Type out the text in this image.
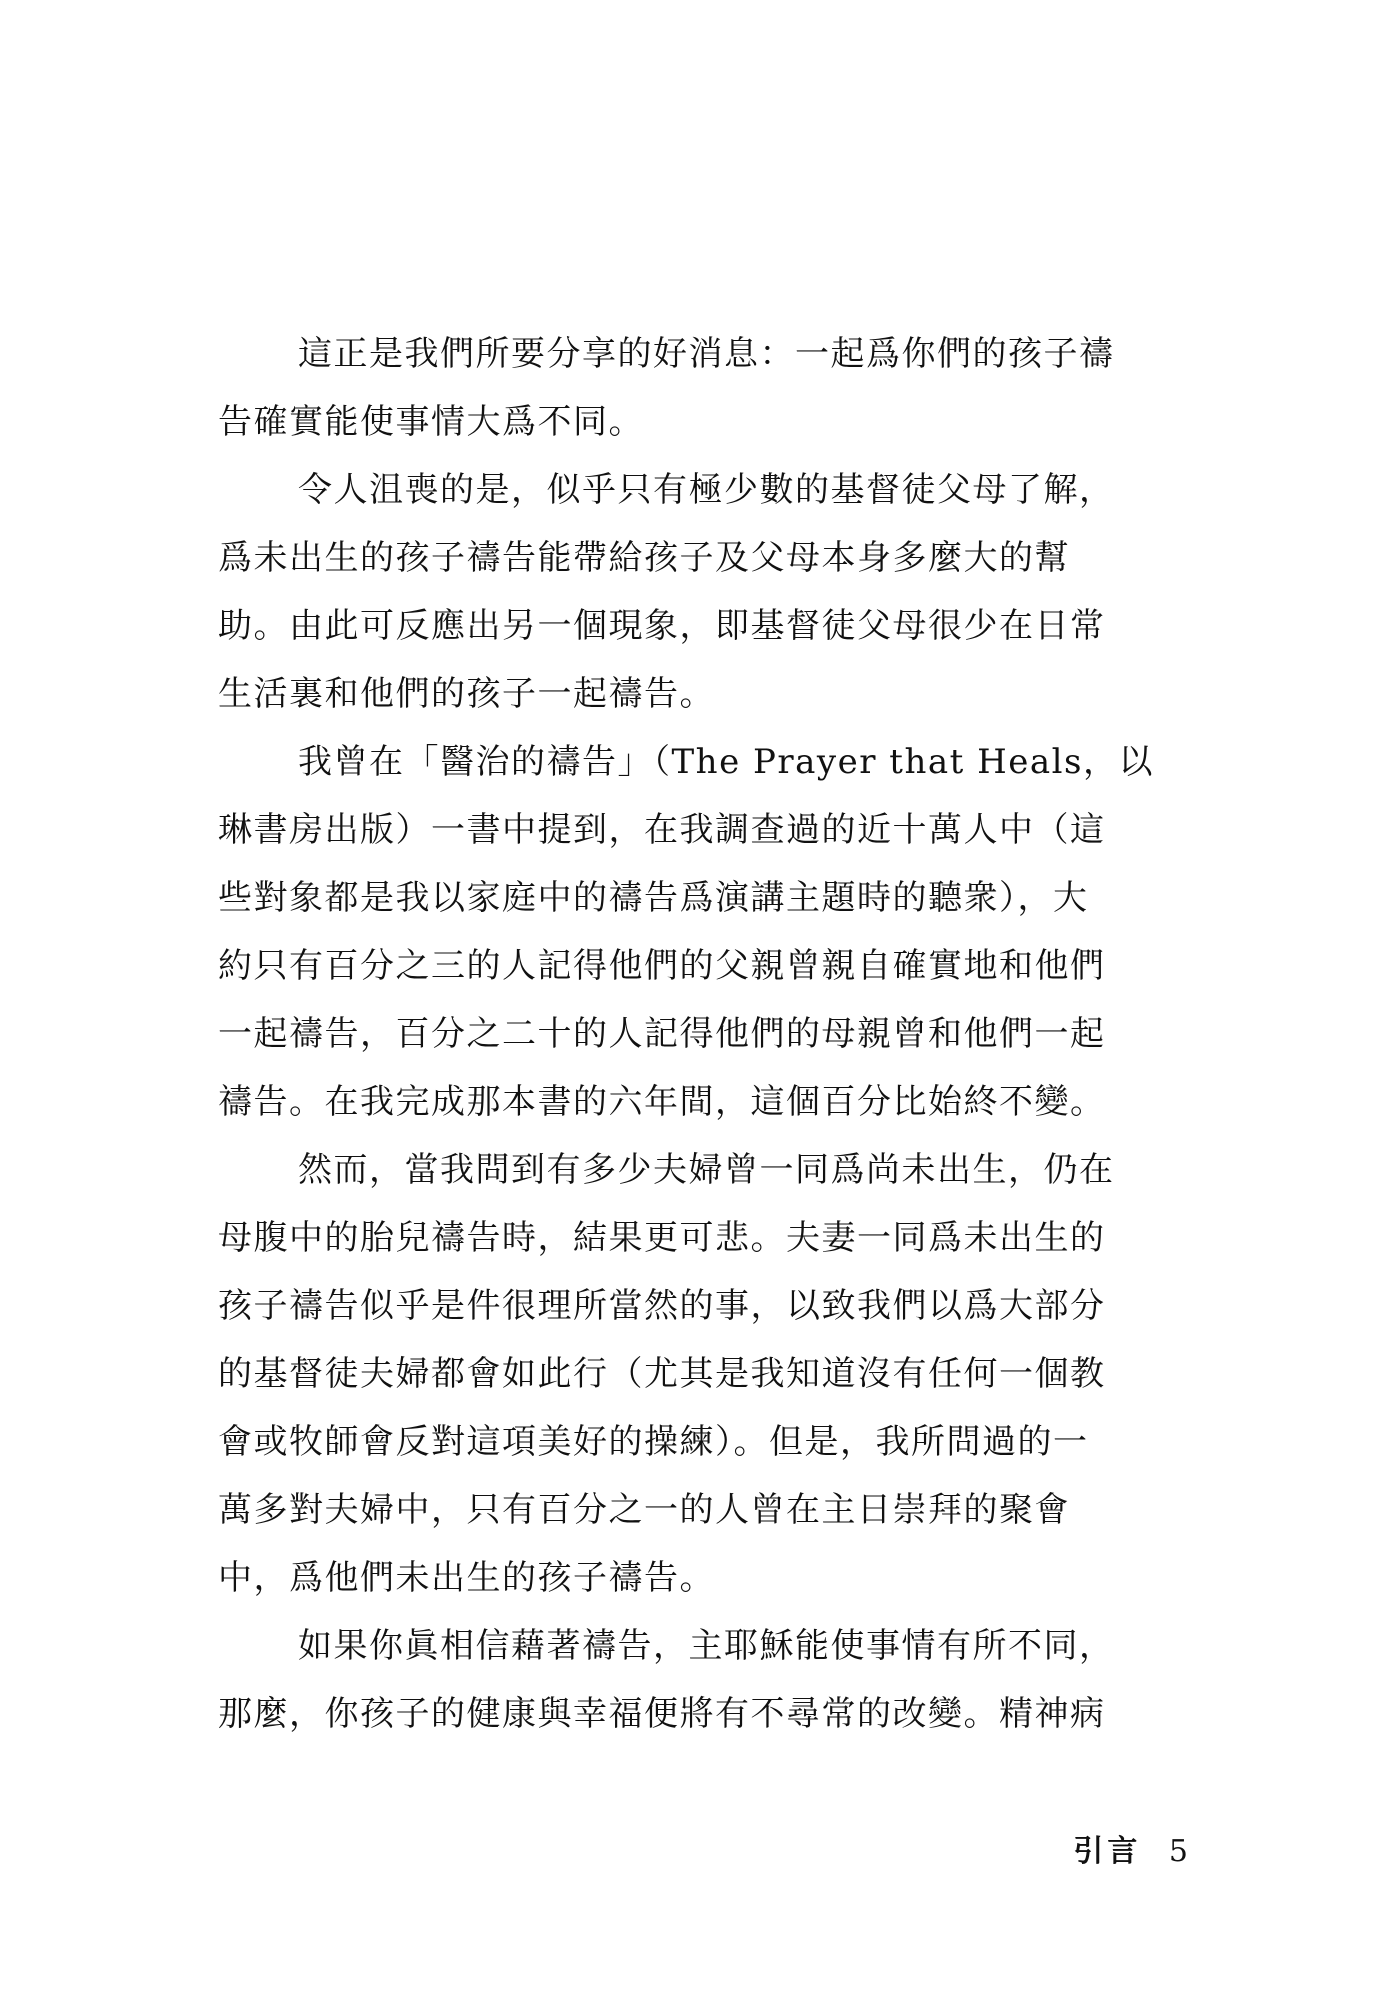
這正是我們所要分享的好消息：一起爲你們的孩子禱
告確實能使事情大爲不同。
令人沮喪的是，似乎只有極少數的基督徒父母了解，
爲未出生的孩子禱告能帶給孩子及父母本身多麼大的幫
助。由此可反應出另一個現象，即基督徒父母很少在日常
生活裏和他們的孩子一起禱告。
我曾在「醫治的禱告」（The Prayer that Heals，以
琳書房出版）一書中提到，在我調查過的近十萬人中（這
些對象都是我以家庭中的禱告爲演講主題時的聽衆），大
約只有百分之三的人記得他們的父親曾親自確實地和他們
一起禱告，百分之二十的人記得他們的母親曾和他們一起
禱告。在我完成那本書的六年間，這個百分比始終不變。
然而，當我問到有多少夫婦曾一同爲尚未出生，仍在
母腹中的胎兒禱告時，結果更可悲。夫妻一同爲未出生的
孩子禱告似乎是件很理所當然的事，以致我們以爲大部分
的基督徒夫婦都會如此行（尤其是我知道沒有任何一個教
會或牧師會反對這項美好的操練）。但是，我所問過的一
萬多對夫婦中，只有百分之一的人曾在主日崇拜的聚會
中，爲他們未出生的孩子禱告。
如果你眞相信藉著禱告，主耶穌能使事情有所不同，
那麼，你孩子的健康與幸福便將有不尋常的改變。精神病
引言 5
